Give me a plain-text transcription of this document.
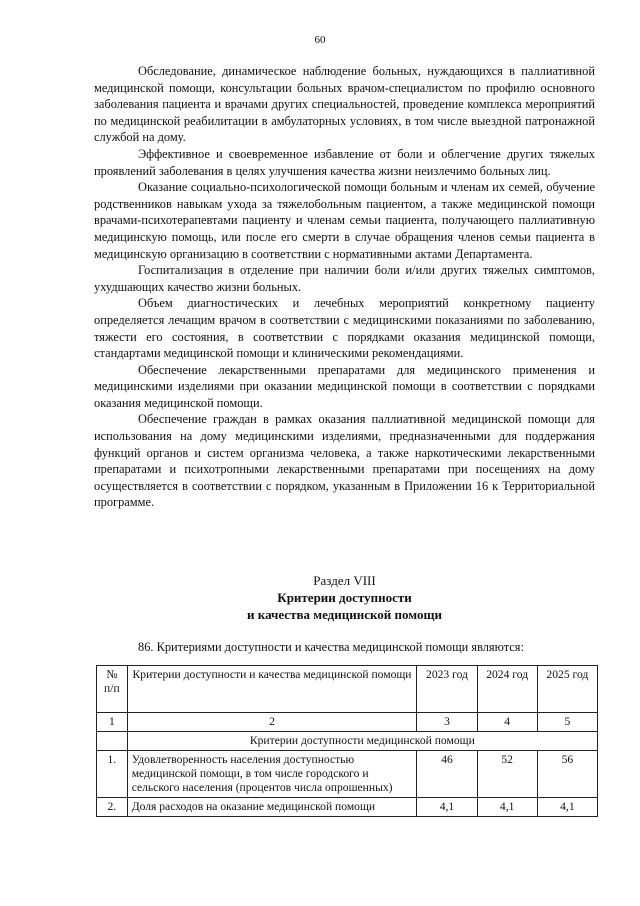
60

Обследование, динамическое наблюдение больных, нуждающихся в паллиативной медицинской помощи, консультации больных врачом-специалистом по профилю основного заболевания пациента и врачами других специальностей, проведение комплекса мероприятий по медицинской реабилитации в амбулаторных условиях, в том числе выездной патронажной службой на дому.

Эффективное и своевременное избавление от боли и облегчение других тяжелых проявлений заболевания в целях улучшения качества жизни неизлечимо больных лиц.

Оказание социально-психологической помощи больным и членам их семей, обучение родственников навыкам ухода за тяжелобольным пациентом, а также медицинской помощи врачами-психотерапевтами пациенту и членам семьи пациента, получающего паллиативную медицинскую помощь, или после его смерти в случае обращения членов семьи пациента в медицинскую организацию в соответствии с нормативными актами Департамента.

Госпитализация в отделение при наличии боли и/или других тяжелых симптомов, ухудшающих качество жизни больных.

Объем диагностических и лечебных мероприятий конкретному пациенту определяется лечащим врачом в соответствии с медицинскими показаниями по заболеванию, тяжести его состояния, в соответствии с порядками оказания медицинской помощи, стандартами медицинской помощи и клиническими рекомендациями.

Обеспечение лекарственными препаратами для медицинского применения и медицинскими изделиями при оказании медицинской помощи в соответствии с порядками оказания медицинской помощи.

Обеспечение граждан в рамках оказания паллиативной медицинской помощи для использования на дому медицинскими изделиями, предназначенными для поддержания функций органов и систем организма человека, а также наркотическими лекарственными препаратами и психотропными лекарственными препаратами при посещениях на дому осуществляется в соответствии с порядком, указанным в Приложении 16 к Территориальной программе.

Раздел VIII
Критерии доступности
и качества медицинской помощи
86. Критериями доступности и качества медицинской помощи являются:
№ п/п	Критерии доступности и качества медицинской помощи	2023 год	2024 год	2025 год
1	2	3	4	5
	Критерии доступности медицинской помощи			
1.	Удовлетворенность населения доступностью медицинской помощи, в том числе городского и сельского населения (процентов числа опрошенных)	46	52	56
2.	Доля расходов на оказание медицинской помощи	4,1	4,1	4,1
